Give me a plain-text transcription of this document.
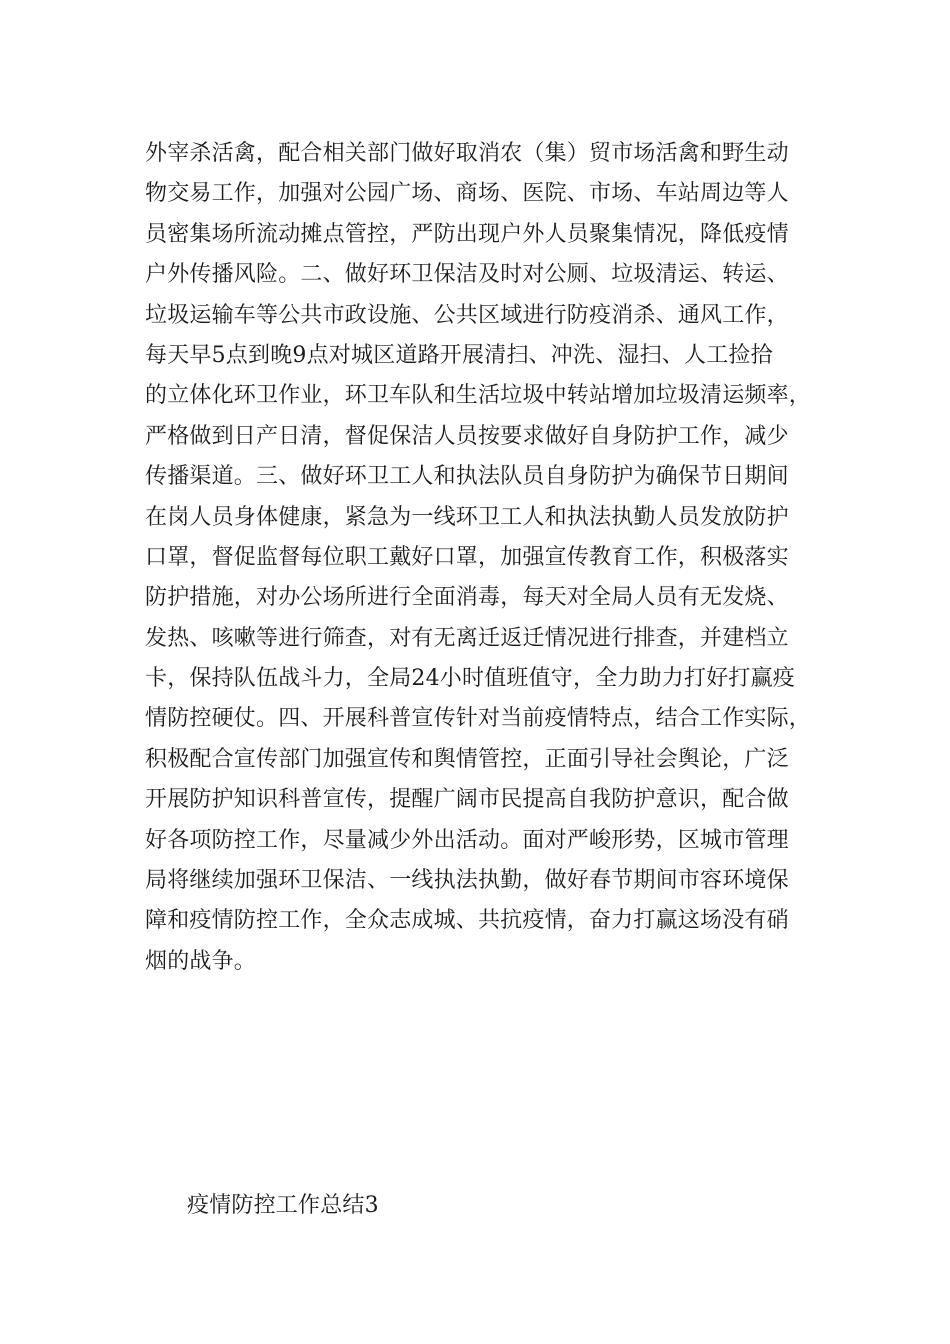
外宰杀活禽，配合相关部门做好取消农（集）贸市场活禽和野生动
物交易工作，加强对公园广场、商场、医院、市场、车站周边等人
员密集场所流动摊点管控，严防出现户外人员聚集情况，降低疫情
户外传播风险。二、做好环卫保洁及时对公厕、垃圾清运、转运、
垃圾运输车等公共市政设施、公共区域进行防疫消杀、通风工作，
每天早5点到晚9点对城区道路开展清扫、冲洗、湿扫、人工捡拾
的立体化环卫作业，环卫车队和生活垃圾中转站增加垃圾清运频率，
严格做到日产日清，督促保洁人员按要求做好自身防护工作，减少
传播渠道。三、做好环卫工人和执法队员自身防护为确保节日期间
在岗人员身体健康，紧急为一线环卫工人和执法执勤人员发放防护
口罩，督促监督每位职工戴好口罩，加强宣传教育工作，积极落实
防护措施，对办公场所进行全面消毒，每天对全局人员有无发烧、
发热、咳嗽等进行筛查，对有无离迁返迁情况进行排查，并建档立
卡，保持队伍战斗力，全局24小时值班值守，全力助力打好打赢疫
情防控硬仗。四、开展科普宣传针对当前疫情特点，结合工作实际，
积极配合宣传部门加强宣传和舆情管控，正面引导社会舆论，广泛
开展防护知识科普宣传，提醒广阔市民提高自我防护意识，配合做
好各项防控工作，尽量减少外出活动。面对严峻形势，区城市管理
局将继续加强环卫保洁、一线执法执勤，做好春节期间市容环境保
障和疫情防控工作，全众志成城、共抗疫情，奋力打赢这场没有硝
烟的战争。
疫情防控工作总结3
